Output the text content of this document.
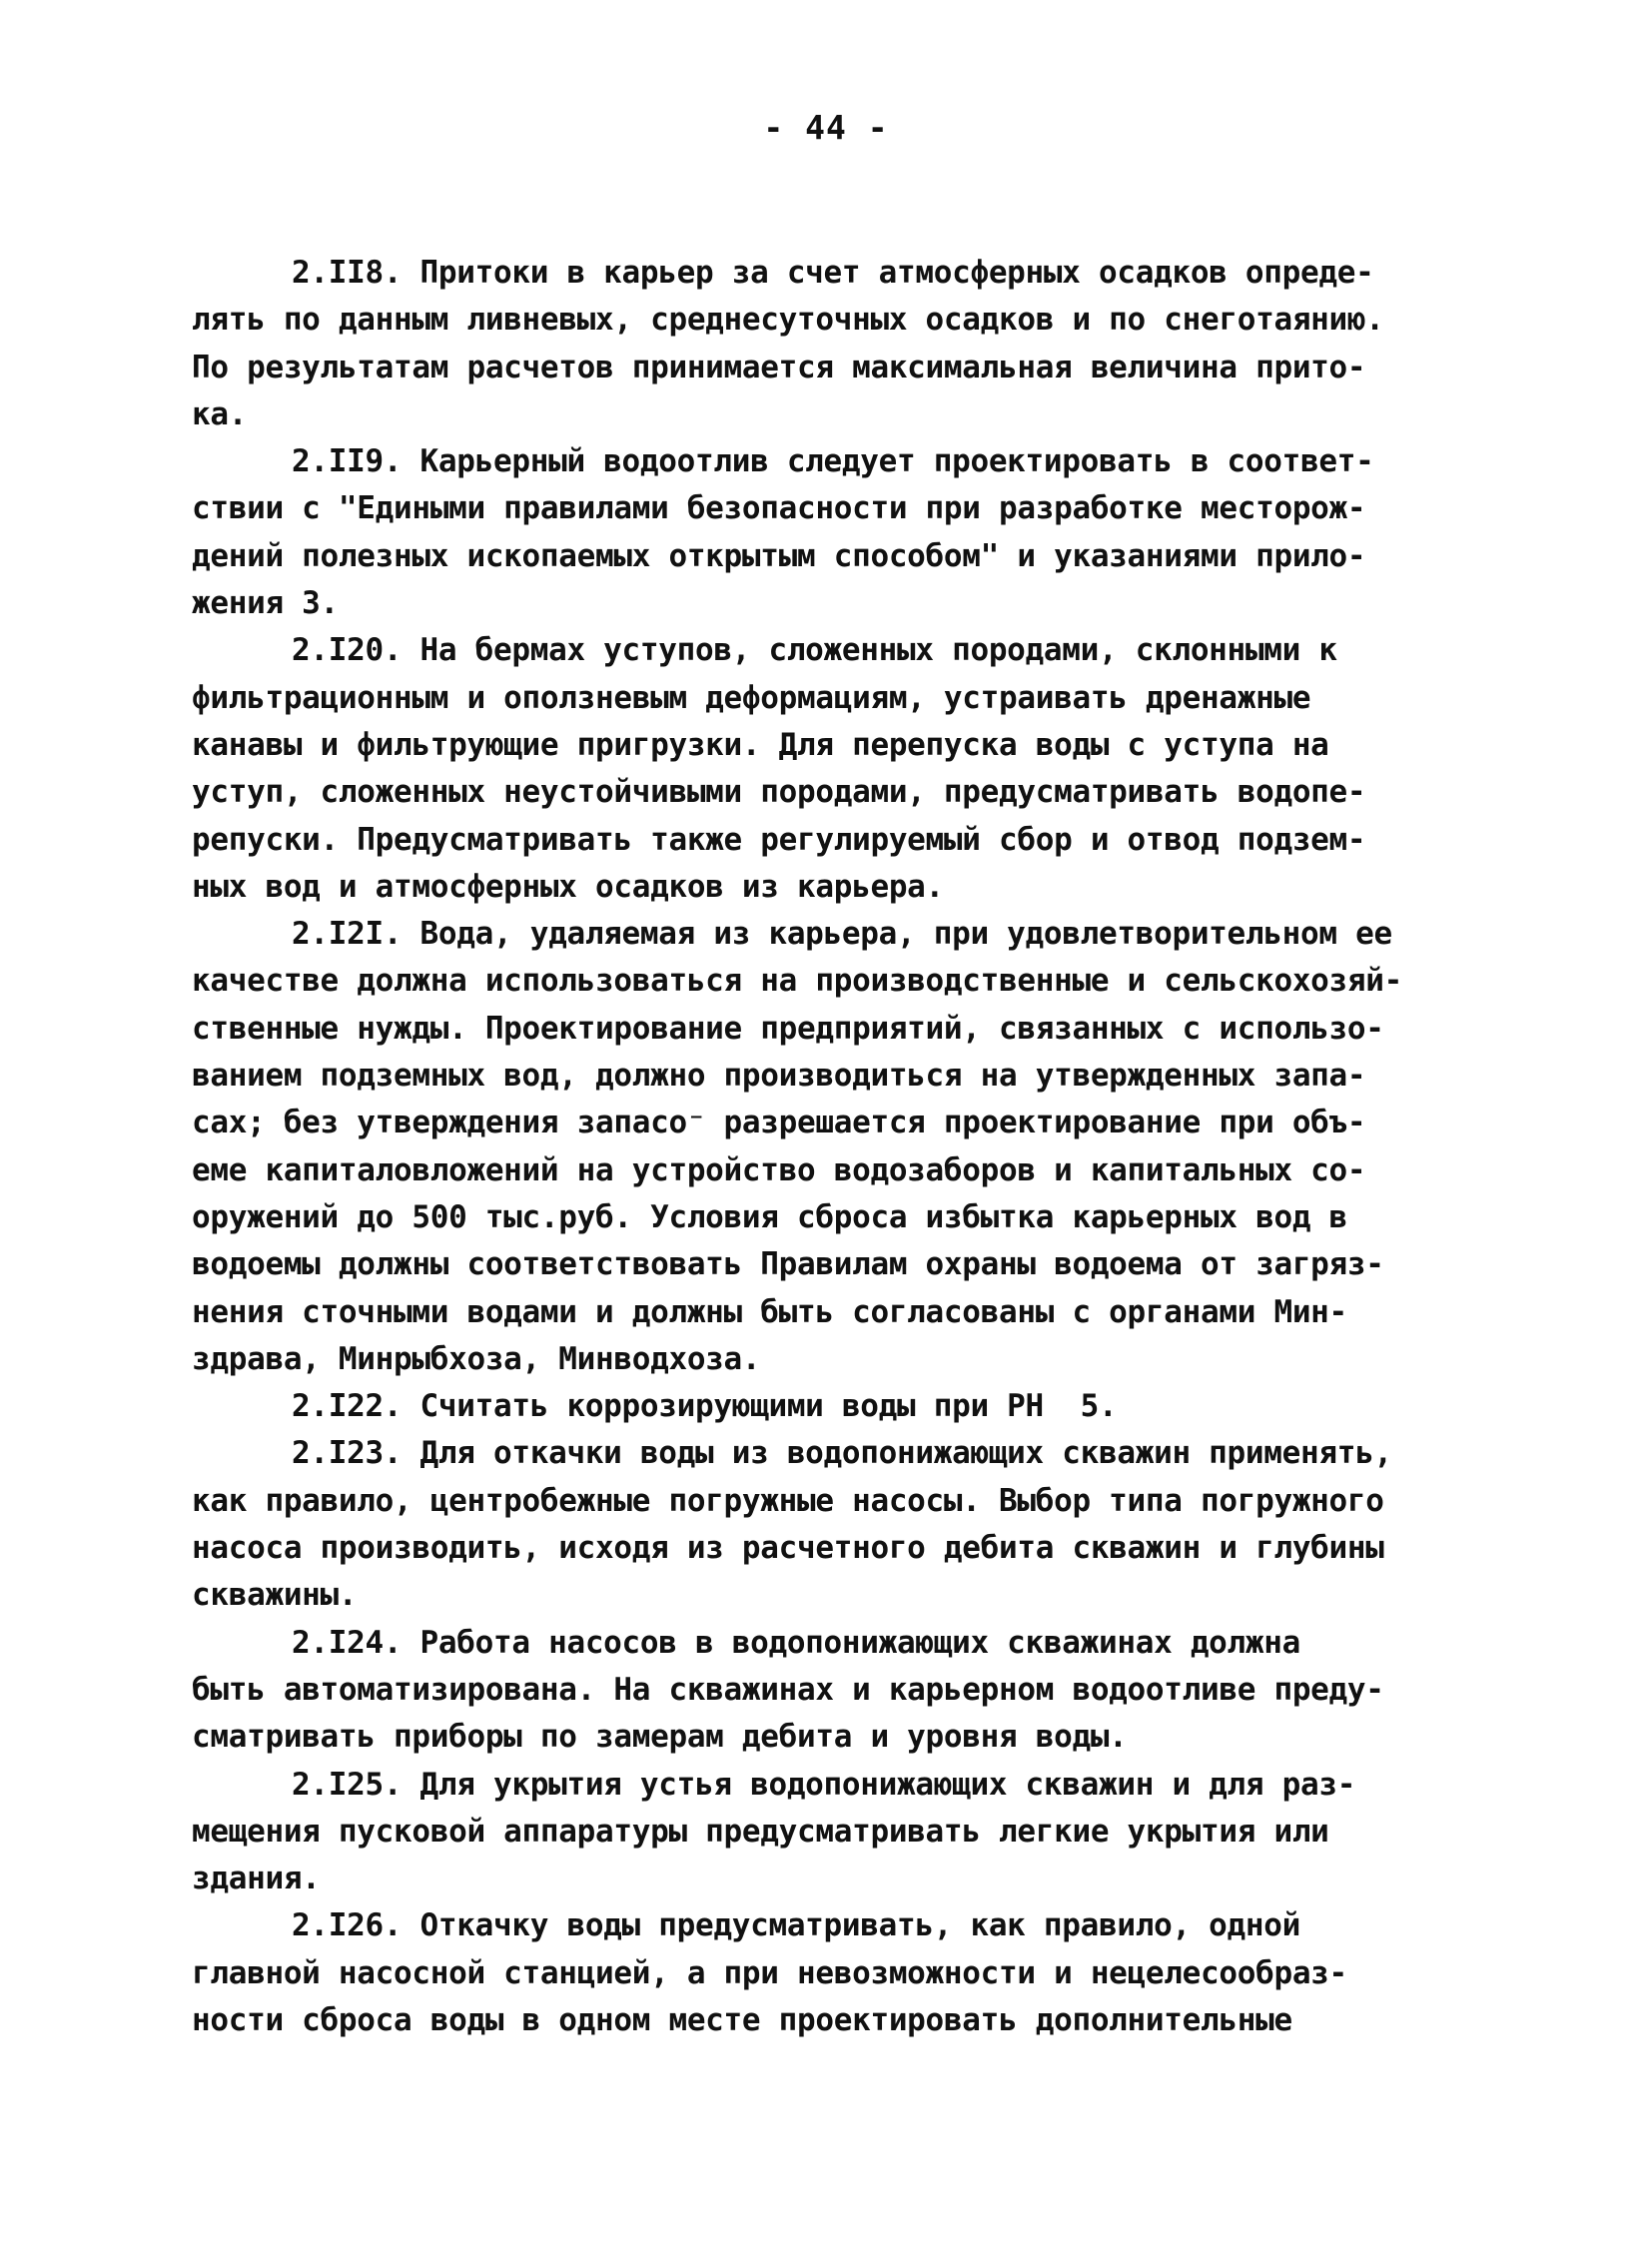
- 44 -
2.II8. Притоки в карьер за счет атмосферных осадков опреде-
лять по данным ливневых, среднесуточных осадков и по снеготаянию.
По результатам расчетов принимается максимальная величина прито-
ка.
2.II9. Карьерный водоотлив следует проектировать в соответ-
ствии с "Едиными правилами безопасности при разработке месторож-
дений полезных ископаемых открытым способом" и указаниями прило-
жения 3.
2.I20. На бермах уступов, сложенных породами, склонными к
фильтрационным и оползневым деформациям, устраивать дренажные
канавы и фильтрующие пригрузки. Для перепуска воды с уступа на
уступ, сложенных неустойчивыми породами, предусматривать водопе-
репуски. Предусматривать также регулируемый сбор и отвод подзем-
ных вод и атмосферных осадков из карьера.
2.I2I. Вода, удаляемая из карьера, при удовлетворительном ее
качестве должна использоваться на производственные и сельскохозяй-
ственные нужды. Проектирование предприятий, связанных с использо-
ванием подземных вод, должно производиться на утвержденных запа-
сах; без утверждения запасо⁻ разрешается проектирование при объ-
еме капиталовложений на устройство водозаборов и капитальных со-
оружений до 500 тыс.руб. Условия сброса избытка карьерных вод в
водоемы должны соответствовать Правилам охраны водоема от загряз-
нения сточными водами и должны быть согласованы с органами Мин-
здрава, Минрыбхоза, Минводхоза.
2.I22. Считать коррозирующими воды при РН  5.
2.I23. Для откачки воды из водопонижающих скважин применять,
как правило, центробежные погружные насосы. Выбор типа погружного
насоса производить, исходя из расчетного дебита скважин и глубины
скважины.
2.I24. Работа насосов в водопонижающих скважинах должна
быть автоматизирована. На скважинах и карьерном водоотливе преду-
сматривать приборы по замерам дебита и уровня воды.
2.I25. Для укрытия устья водопонижающих скважин и для раз-
мещения пусковой аппаратуры предусматривать легкие укрытия или
здания.
2.I26. Откачку воды предусматривать, как правило, одной
главной насосной станцией, а при невозможности и нецелесообраз-
ности сброса воды в одном месте проектировать дополнительные
